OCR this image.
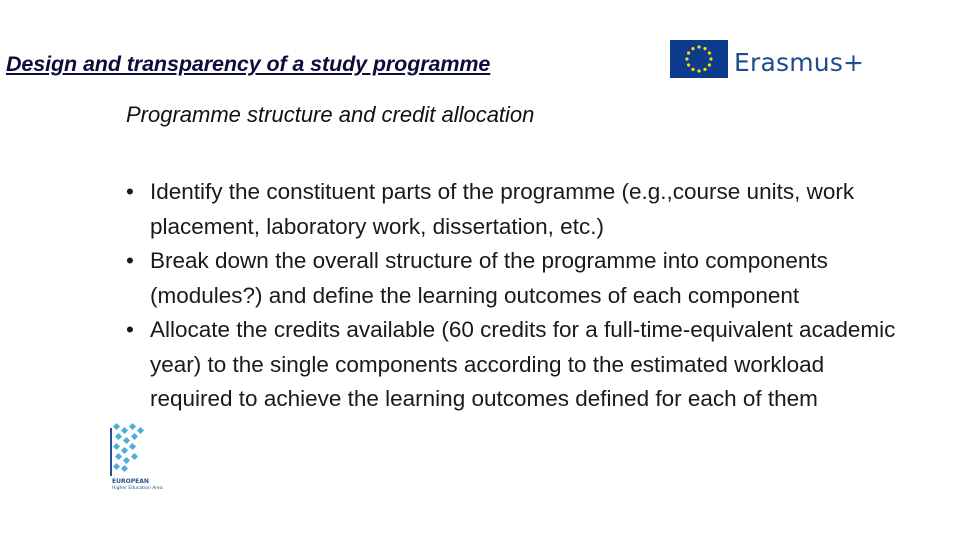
Design and transparency of a study programme	Erasmus+
Programme structure and credit allocation
• Identify the constituent parts of the programme (e.g.,course units, work placement, laboratory work, dissertation, etc.)
• Break down the overall structure of the programme into components (modules?) and define the learning outcomes of each component
• Allocate the credits available (60 credits for a full-time-equivalent academic year) to the single components according to the estimated workload required to achieve the learning outcomes defined for each of them
EUROPEAN
Higher Education Area
